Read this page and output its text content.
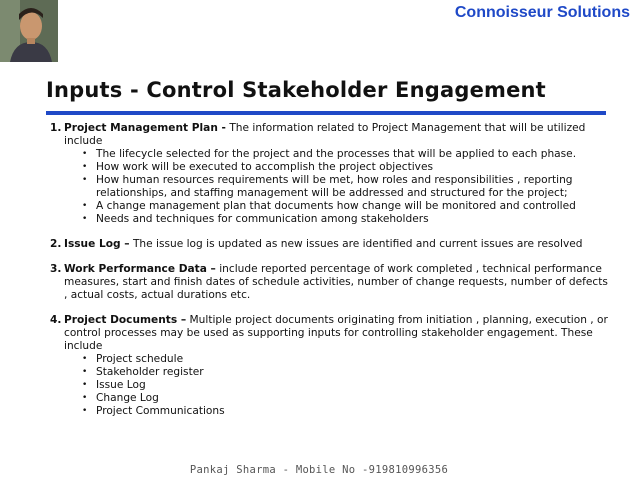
Connoisseur Solutions
Inputs - Control Stakeholder Engagement
1. Project Management Plan - The information related to Project Management that will be utilized include
• The lifecycle selected for the project and the processes that will be applied to each phase.
• How work will be executed to accomplish the project objectives
• How human resources requirements will be met, how roles and responsibilities , reporting relationships, and staffing management will be addressed and structured for the project;
• A change management plan that documents how change will be monitored and controlled
• Needs and techniques for communication among stakeholders
2. Issue Log – The issue log is updated as new issues are identified and current issues are resolved
3. Work Performance Data – include reported percentage of work completed , technical performance measures, start and finish dates of schedule activities, number of change requests, number of defects , actual costs, actual durations etc.
4. Project Documents – Multiple project documents originating from initiation , planning, execution , or control processes may be used as supporting inputs for controlling stakeholder engagement. These include
• Project schedule
• Stakeholder register
• Issue Log
• Change Log
• Project Communications
Pankaj Sharma - Mobile No -919810996356
